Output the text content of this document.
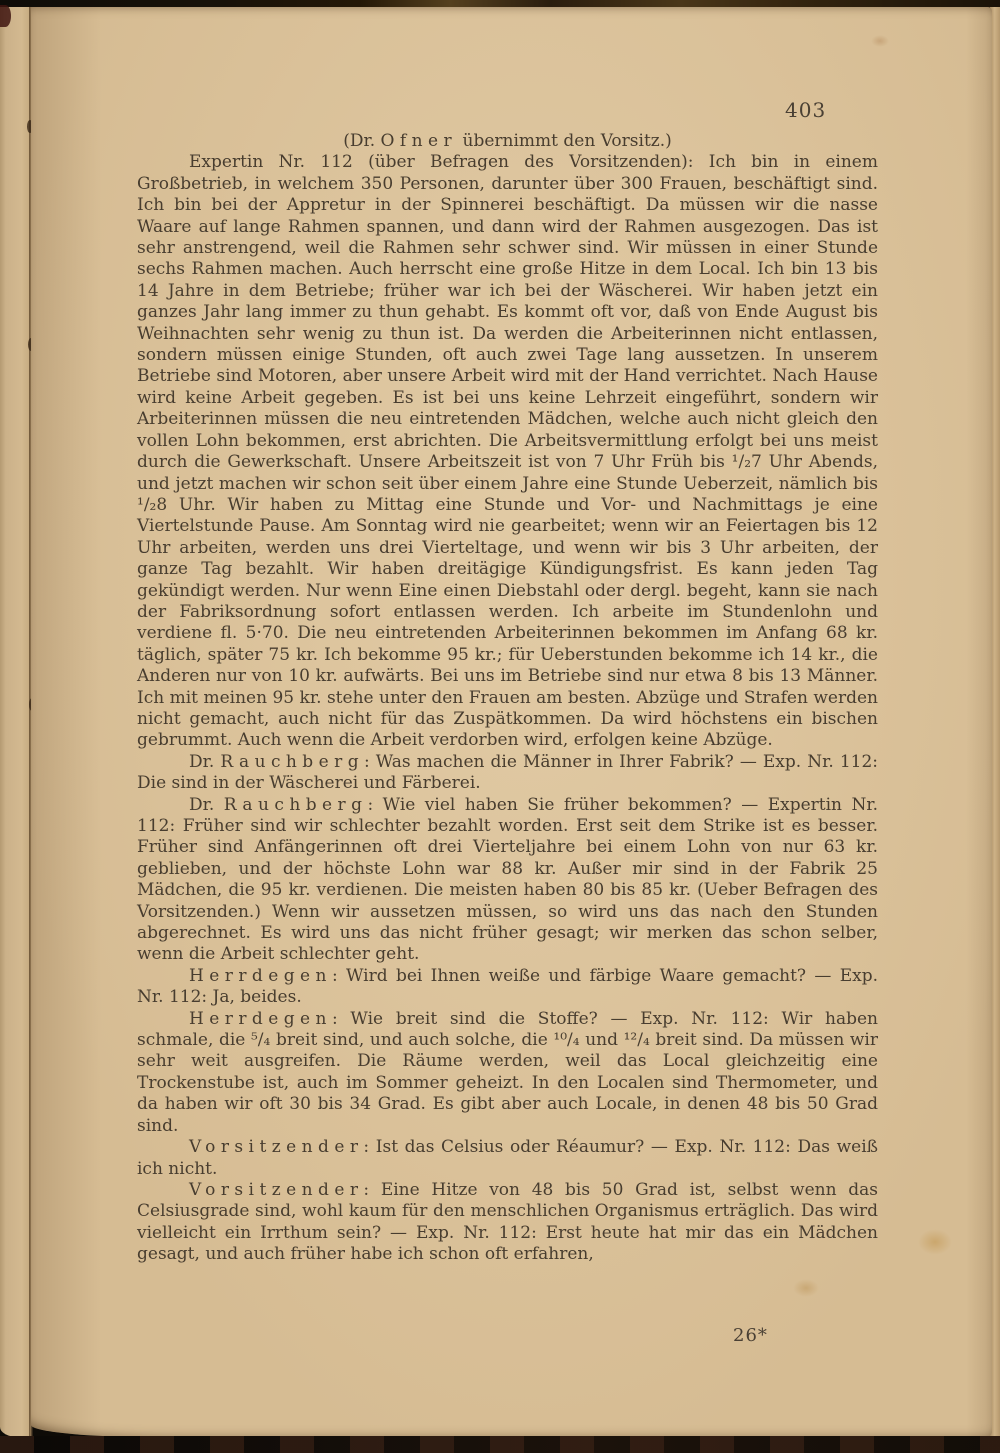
403

(Dr. Ofner übernimmt den Vorsitz.)

Expertin Nr. 112 (über Befragen des Vorsitzenden): Ich bin in einem Großbetrieb, in welchem 350 Personen, darunter über 300 Frauen, beschäftigt sind. Ich bin bei der Appretur in der Spinnerei beschäftigt. Da müssen wir die nasse Waare auf lange Rahmen spannen, und dann wird der Rahmen ausgezogen. Das ist sehr anstrengend, weil die Rahmen sehr schwer sind. Wir müssen in einer Stunde sechs Rahmen machen. Auch herrscht eine große Hitze in dem Local. Ich bin 13 bis 14 Jahre in dem Betriebe; früher war ich bei der Wäscherei. Wir haben jetzt ein ganzes Jahr lang immer zu thun gehabt. Es kommt oft vor, daß von Ende August bis Weihnachten sehr wenig zu thun ist. Da werden die Arbeiterinnen nicht entlassen, sondern müssen einige Stunden, oft auch zwei Tage lang aussetzen. In unserem Betriebe sind Motoren, aber unsere Arbeit wird mit der Hand verrichtet. Nach Hause wird keine Arbeit gegeben. Es ist bei uns keine Lehrzeit eingeführt, sondern wir Arbeiterinnen müssen die neu eintretenden Mädchen, welche auch nicht gleich den vollen Lohn bekommen, erst abrichten. Die Arbeitsvermittlung erfolgt bei uns meist durch die Gewerkschaft. Unsere Arbeitszeit ist von 7 Uhr Früh bis ¹/₂7 Uhr Abends, und jetzt machen wir schon seit über einem Jahre eine Stunde Ueberzeit, nämlich bis ¹/₂8 Uhr. Wir haben zu Mittag eine Stunde und Vor- und Nachmittags je eine Viertelstunde Pause. Am Sonntag wird nie gearbeitet; wenn wir an Feiertagen bis 12 Uhr arbeiten, werden uns drei Vierteltage, und wenn wir bis 3 Uhr arbeiten, der ganze Tag bezahlt. Wir haben dreitägige Kündigungsfrist. Es kann jeden Tag gekündigt werden. Nur wenn Eine einen Diebstahl oder dergl. begeht, kann sie nach der Fabriksordnung sofort entlassen werden. Ich arbeite im Stundenlohn und verdiene fl. 5·70. Die neu eintretenden Arbeiterinnen bekommen im Anfang 68 kr. täglich, später 75 kr. Ich bekomme 95 kr.; für Ueberstunden bekomme ich 14 kr., die Anderen nur von 10 kr. aufwärts. Bei uns im Betriebe sind nur etwa 8 bis 13 Männer. Ich mit meinen 95 kr. stehe unter den Frauen am besten. Abzüge und Strafen werden nicht gemacht, auch nicht für das Zuspätkommen. Da wird höchstens ein bischen gebrummt. Auch wenn die Arbeit verdorben wird, erfolgen keine Abzüge.

Dr. Rauchberg: Was machen die Männer in Ihrer Fabrik? — Exp. Nr. 112: Die sind in der Wäscherei und Färberei.

Dr. Rauchberg: Wie viel haben Sie früher bekommen? — Expertin Nr. 112: Früher sind wir schlechter bezahlt worden. Erst seit dem Strike ist es besser. Früher sind Anfängerinnen oft drei Vierteljahre bei einem Lohn von nur 63 kr. geblieben, und der höchste Lohn war 88 kr. Außer mir sind in der Fabrik 25 Mädchen, die 95 kr. verdienen. Die meisten haben 80 bis 85 kr. (Ueber Befragen des Vorsitzenden.) Wenn wir aussetzen müssen, so wird uns das nach den Stunden abgerechnet. Es wird uns das nicht früher gesagt; wir merken das schon selber, wenn die Arbeit schlechter geht.

Herrdegen: Wird bei Ihnen weiße und färbige Waare gemacht? — Exp. Nr. 112: Ja, beides.

Herrdegen: Wie breit sind die Stoffe? — Exp. Nr. 112: Wir haben schmale, die ⁵/₄ breit sind, und auch solche, die ¹⁰/₄ und ¹²/₄ breit sind. Da müssen wir sehr weit ausgreifen. Die Räume werden, weil das Local gleichzeitig eine Trockenstube ist, auch im Sommer geheizt. In den Localen sind Thermometer, und da haben wir oft 30 bis 34 Grad. Es gibt aber auch Locale, in denen 48 bis 50 Grad sind.

Vorsitzender: Ist das Celsius oder Réaumur? — Exp. Nr. 112: Das weiß ich nicht.

Vorsitzender: Eine Hitze von 48 bis 50 Grad ist, selbst wenn das Celsiusgrade sind, wohl kaum für den menschlichen Organismus erträglich. Das wird vielleicht ein Irrthum sein? — Exp. Nr. 112: Erst heute hat mir das ein Mädchen gesagt, und auch früher habe ich schon oft erfahren,

26*
